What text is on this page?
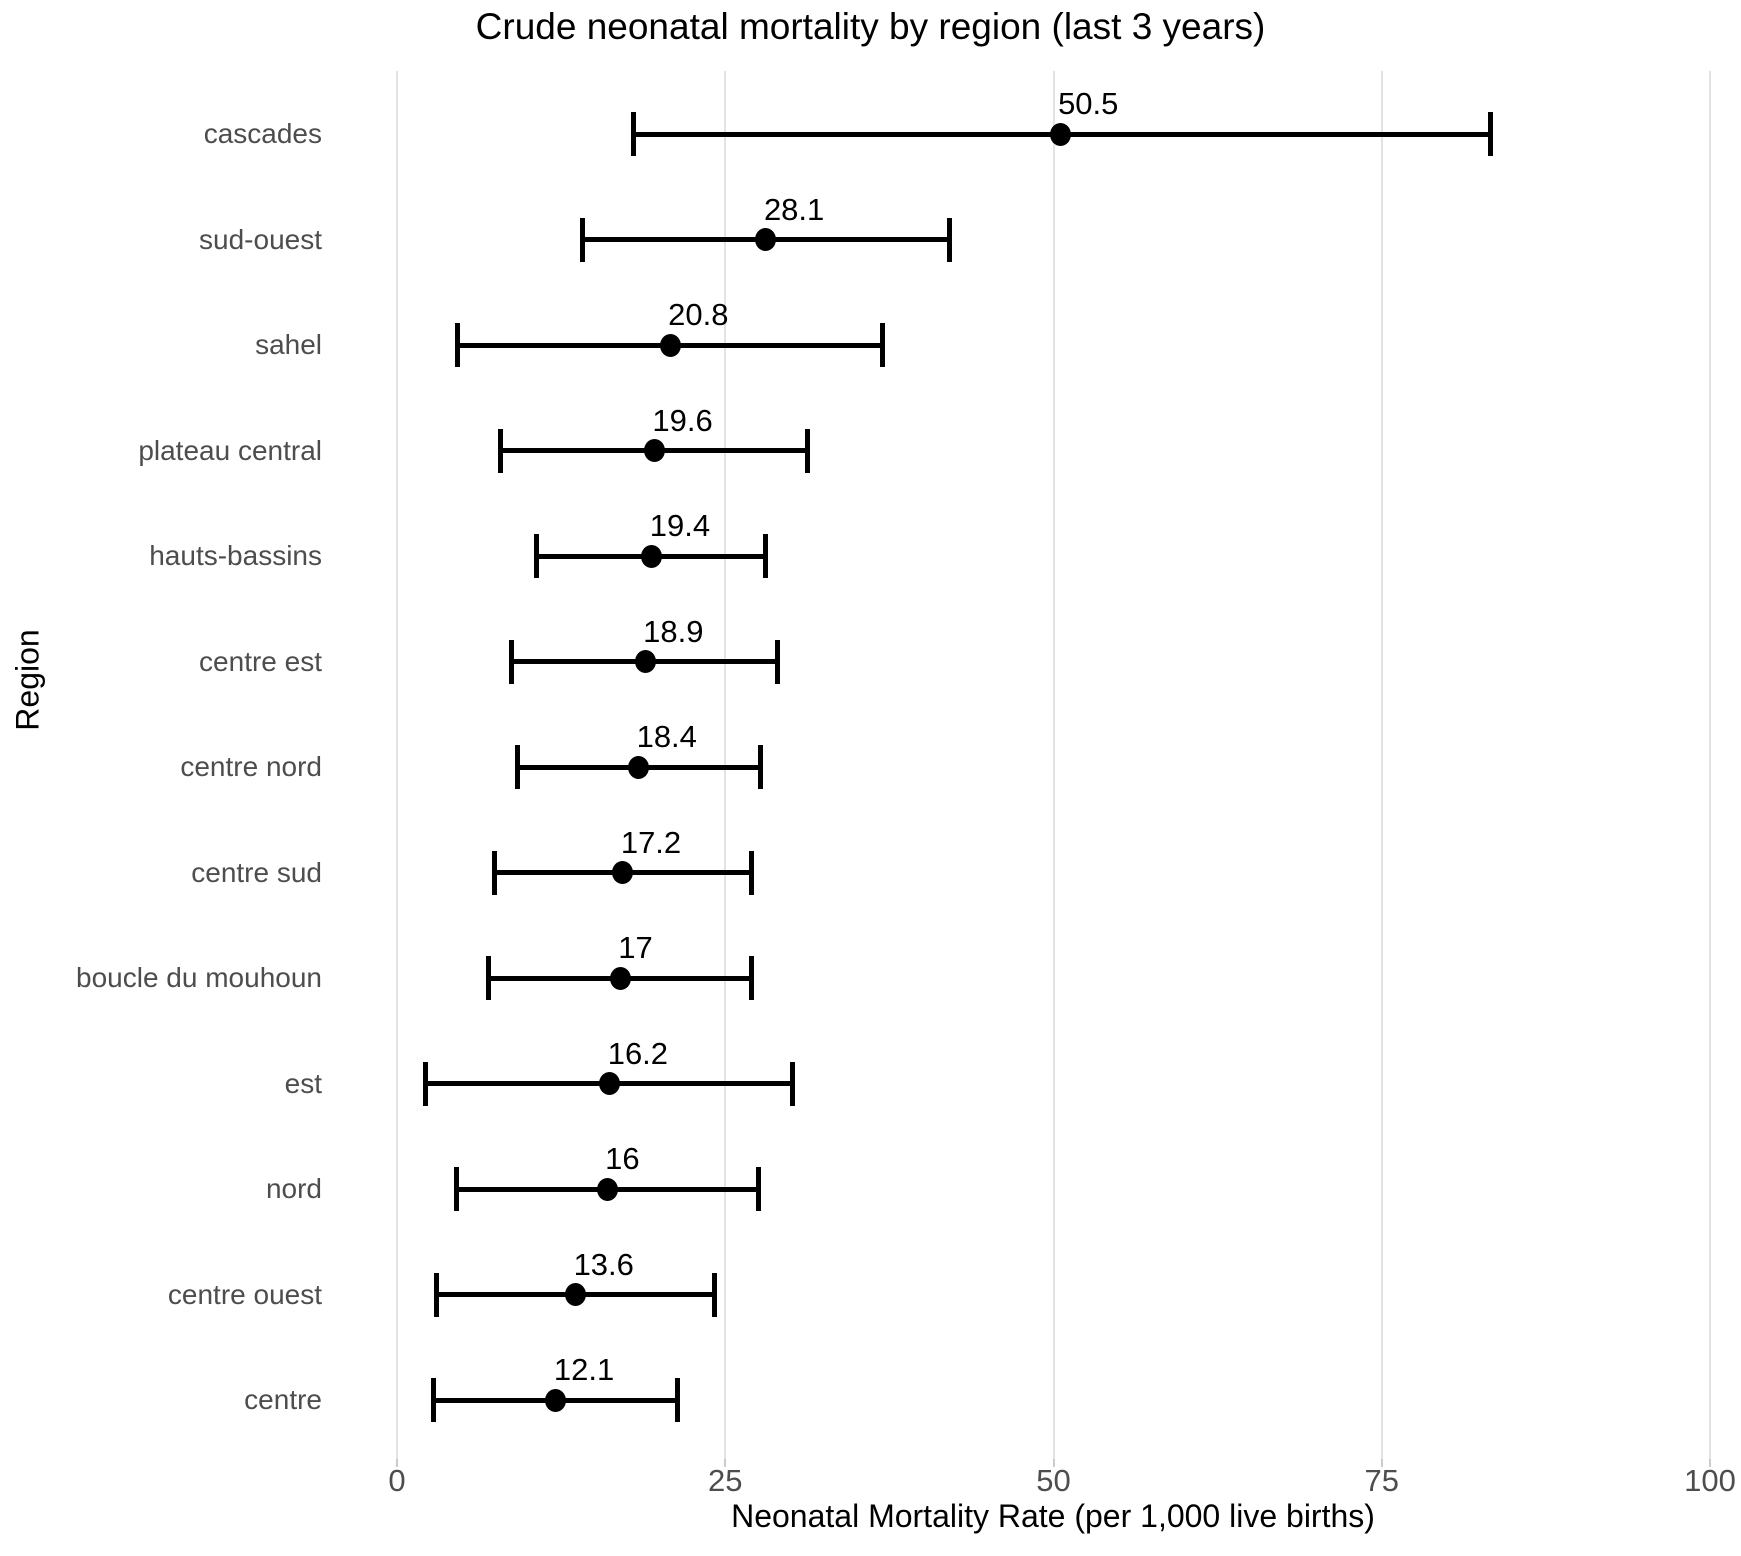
Crude neonatal mortality by region (last 3 years)
Region
Neonatal Mortality Rate (per 1,000 live births)
0	25	50	75	100
cascades
50.5
sud-ouest
28.1
sahel
20.8
plateau central
19.6
hauts-bassins
19.4
centre est
18.9
centre nord
18.4
centre sud
17.2
boucle du mouhoun
17
est
16.2
nord
16
centre ouest
13.6
centre
12.1
